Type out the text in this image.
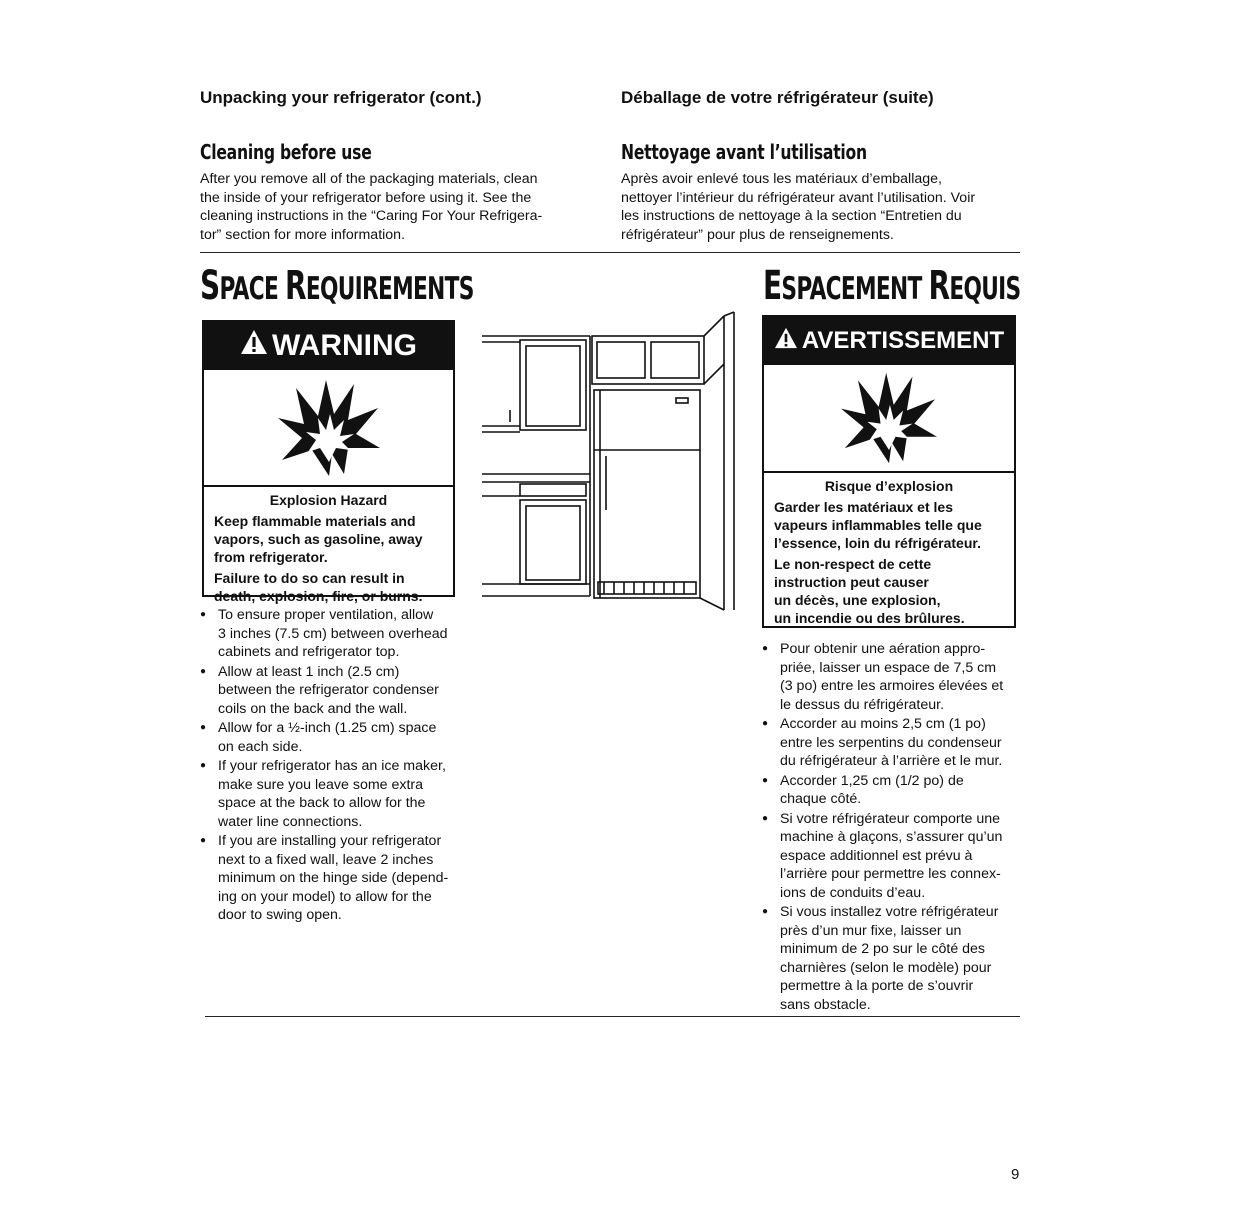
Unpacking your refrigerator (cont.)	Déballage de votre réfrigérateur (suite)
Cleaning before use	Nettoyage avant l’utilisation
After you remove all of the packaging materials, clean
the inside of your refrigerator before using it. See the
cleaning instructions in the “Caring For Your Refrigera-
tor” section for more information.
Après avoir enlevé tous les matériaux d’emballage,
nettoyer l’intérieur du réfrigérateur avant l’utilisation. Voir
les instructions de nettoyage à la section “Entretien du
réfrigérateur” pour plus de renseignements.
SPACE REQUIREMENTS	ESPACEMENT REQUIS
WARNING
Explosion Hazard
Keep flammable materials and
vapors, such as gasoline, away
from refrigerator.
Failure to do so can result in
death, explosion, fire, or burns.
AVERTISSEMENT
Risque d’explosion
Garder les matériaux et les
vapeurs inflammables telle que
l’essence, loin du réfrigérateur.
Le non-respect de cette
instruction peut causer
un décès, une explosion,
un incendie ou des brûlures.
● To ensure proper ventilation, allow
3 inches (7.5 cm) between overhead
cabinets and refrigerator top.
● Allow at least 1 inch (2.5 cm)
between the refrigerator condenser
coils on the back and the wall.
● Allow for a ½-inch (1.25 cm) space
on each side.
● If your refrigerator has an ice maker,
make sure you leave some extra
space at the back to allow for the
water line connections.
● If you are installing your refrigerator
next to a fixed wall, leave 2 inches
minimum on the hinge side (depend-
ing on your model) to allow for the
door to swing open.
● Pour obtenir une aération appro-
priée, laisser un espace de 7,5 cm
(3 po) entre les armoires élevées et
le dessus du réfrigérateur.
● Accorder au moins 2,5 cm (1 po)
entre les serpentins du condenseur
du réfrigérateur à l’arrière et le mur.
● Accorder 1,25 cm (1/2 po) de
chaque côté.
● Si votre réfrigérateur comporte une
machine à glaçons, s’assurer qu’un
espace additionnel est prévu à
l’arrière pour permettre les connex-
ions de conduits d’eau.
● Si vous installez votre réfrigérateur
près d’un mur fixe, laisser un
minimum de 2 po sur le côté des
charnières (selon le modèle) pour
permettre à la porte de s’ouvrir
sans obstacle.
9
